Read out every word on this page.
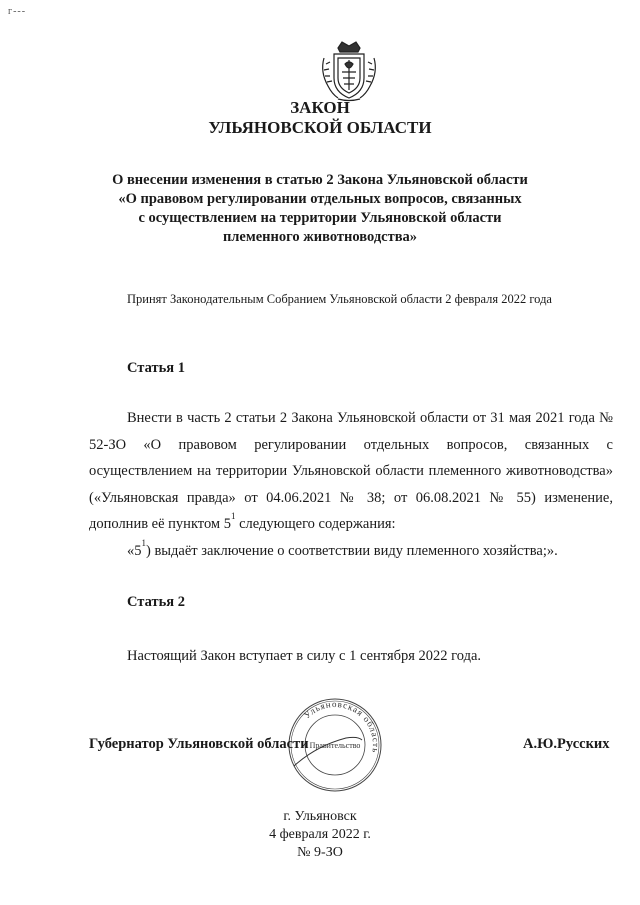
г---
ЗАКОН
УЛЬЯНОВСКОЙ ОБЛАСТИ
О внесении изменения в статью 2 Закона Ульяновской области
«О правовом регулировании отдельных вопросов, связанных
с осуществлением на территории Ульяновской области
племенного животноводства»
Принят Законодательным Собранием Ульяновской области 2 февраля 2022 года
Статья 1

Внести в часть 2 статьи 2 Закона Ульяновской области от 31 мая 2021 года № 52-ЗО «О правовом регулировании отдельных вопросов, связанных с осуществлением на территории Ульяновской области племенного животноводства» («Ульяновская правда» от 04.06.2021 № 38; от 06.08.2021 № 55) изменение, дополнив её пунктом $5^1$ следующего содержания:

«$5^1$) выдаёт заключение о соответствии виду племенного хозяйства;».

Статья 2
Настоящий Закон вступает в силу с 1 сентября 2022 года.
Ульяновская область
Правительство
Губернатор Ульяновской области	А.Ю.Русских
г. Ульяновск
4 февраля 2022 г.
№ 9-ЗО
